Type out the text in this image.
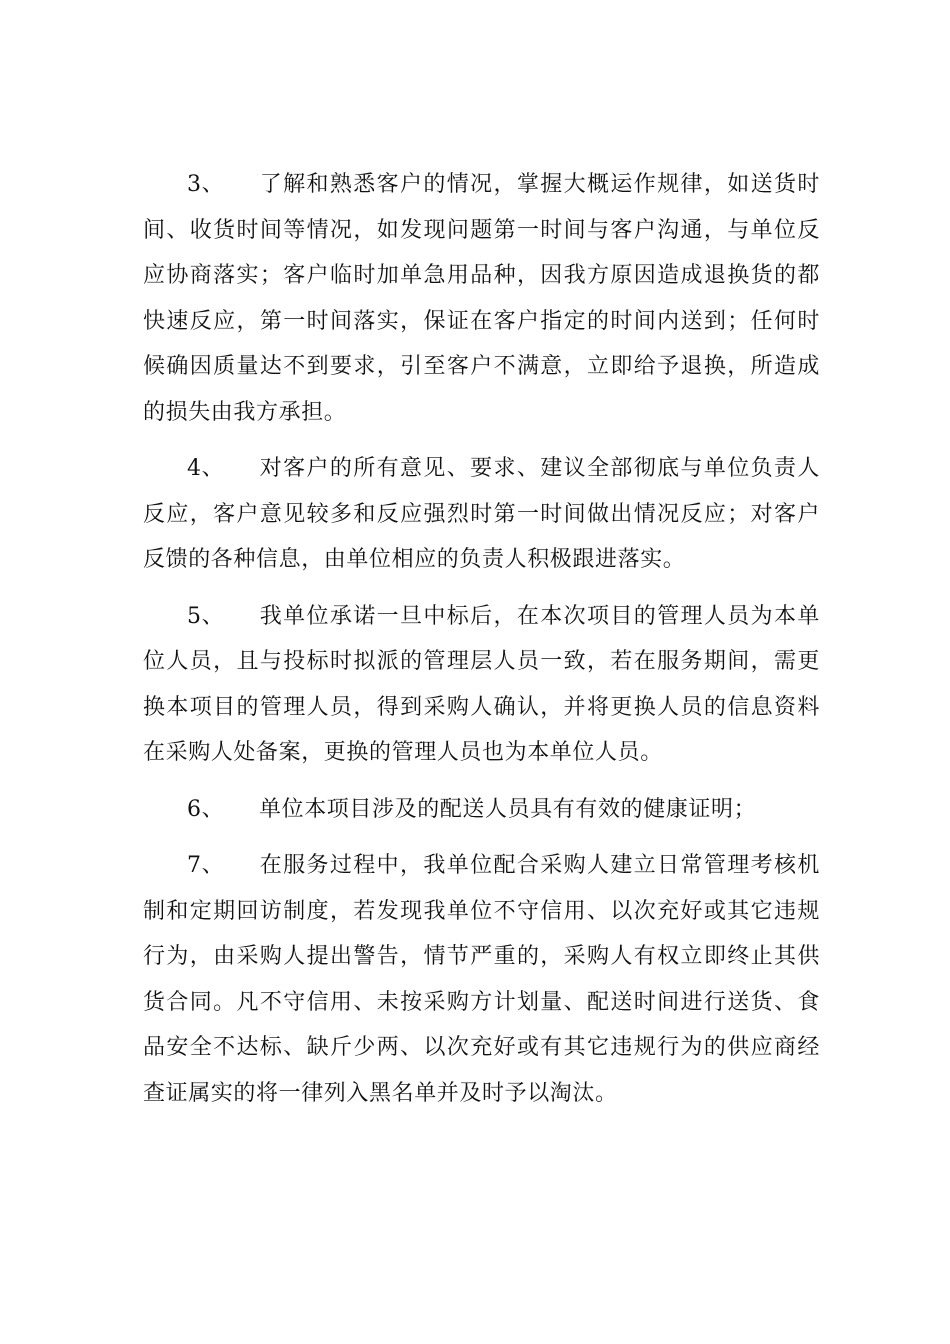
3、 了解和熟悉客户的情况，掌握大概运作规律，如送货时间、收货时间等情况，如发现问题第一时间与客户沟通，与单位反应协商落实；客户临时加单急用品种，因我方原因造成退换货的都快速反应，第一时间落实，保证在客户指定的时间内送到；任何时候确因质量达不到要求，引至客户不满意，立即给予退换，所造成的损失由我方承担。

4、 对客户的所有意见、要求、建议全部彻底与单位负责人反应，客户意见较多和反应强烈时第一时间做出情况反应；对客户反馈的各种信息，由单位相应的负责人积极跟进落实。

5、 我单位承诺一旦中标后，在本次项目的管理人员为本单位人员，且与投标时拟派的管理层人员一致，若在服务期间，需更换本项目的管理人员，得到采购人确认，并将更换人员的信息资料在采购人处备案，更换的管理人员也为本单位人员。

6、 单位本项目涉及的配送人员具有有效的健康证明；

7、 在服务过程中，我单位配合采购人建立日常管理考核机制和定期回访制度，若发现我单位不守信用、以次充好或其它违规行为，由采购人提出警告，情节严重的，采购人有权立即终止其供货合同。凡不守信用、未按采购方计划量、配送时间进行送货、食品安全不达标、缺斤少两、以次充好或有其它违规行为的供应商经查证属实的将一律列入黑名单并及时予以淘汰。
